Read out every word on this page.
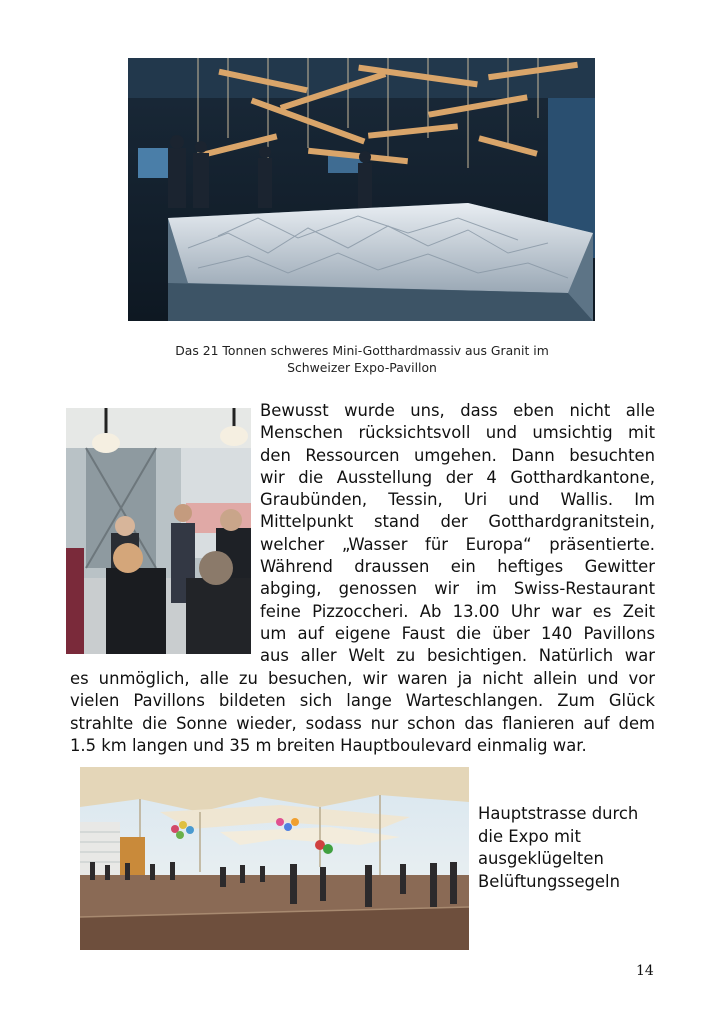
Das 21 Tonnen schweres Mini-Gotthardmassiv aus Granit im
Schweizer Expo-Pavillon
Bewusst wurde uns, dass eben nicht alle
Menschen rücksichtsvoll und umsichtig mit
den Ressourcen umgehen. Dann besuchten
wir die Ausstellung der 4 Gotthardkantone,
Graubünden, Tessin, Uri und Wallis. Im
Mittelpunkt stand der Gotthardgranitstein,
welcher „Wasser für Europa“ präsentierte.
Während draussen ein heftiges Gewitter
abging, genossen wir im Swiss-Restaurant
feine Pizzoccheri. Ab 13.00 Uhr war es Zeit
um auf eigene Faust die über 140 Pavillons
aus aller Welt zu besichtigen. Natürlich war
es unmöglich, alle zu besuchen, wir waren ja nicht allein und vor
vielen Pavillons bildeten sich lange Warteschlangen. Zum Glück
strahlte die Sonne wieder, sodass nur schon das flanieren auf dem
1.5 km langen und 35 m breiten Hauptboulevard einmalig war.
Hauptstrasse durch
die Expo mit
ausgeklügelten
Belüftungssegeln
14
